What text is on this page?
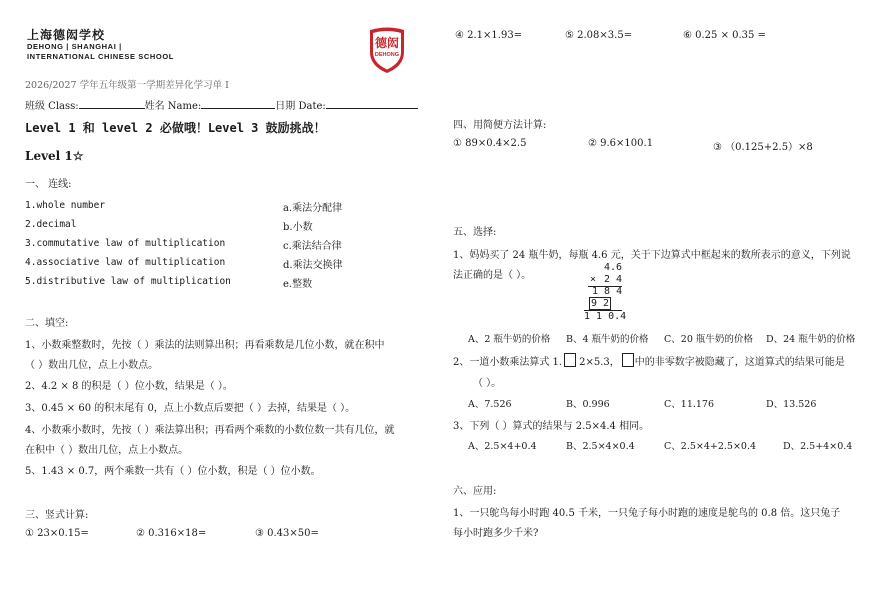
上海德闳学校
DEHONG | SHANGHAI |
INTERNATIONAL CHINESE SCHOOL
德闳
DEHONG
2026/2027 学年五年级第一学期差异化学习单 I
班级 Class:	姓名 Name:	日期 Date:
Level 1 和 level 2 必做哦！Level 3 鼓励挑战！
Level 1☆
一、 连线:
1.whole number
2.decimal
3.commutative law of multiplication
4.associative law of multiplication
5.distributive law of multiplication
a.乘法分配律
b.小数
c.乘法结合律
d.乘法交换律
e.整数
二、填空:
1、小数乘整数时，先按（ ）乘法的法则算出积；再看乘数是几位小数，就在积中
（ ）数出几位，点上小数点。
2、4.2 × 8 的积是（ ）位小数，结果是（ ）。
3、0.45 × 60 的积末尾有 0，点上小数点后要把（ ）去掉，结果是（ ）。
4、小数乘小数时，先按（ ）乘法算出积；再看两个乘数的小数位数一共有几位，就
在积中（ ）数出几位，点上小数点。
5、1.43 × 0.7，两个乘数一共有（ ）位小数，积是（ ）位小数。
三、竖式计算:
① 23×0.15=	② 0.316×18=	③ 0.43×50=
④ 2.1×1.93=	⑤ 2.08×3.5=	⑥ 0.25 × 0.35 =
四、用简便方法计算:
① 89×0.4×2.5	② 9.6×100.1	③ （0.125+2.5）×8
五、选择:
1、妈妈买了 24 瓶牛奶，每瓶 4.6 元，关于下边算式中框起来的数所表示的意义，下列说
法正确的是（ ）。
4.6
× 2 4
1 8 4
9 2
1 1 0.4
A、2 瓶牛奶的价格 B、4 瓶牛奶的价格 C、20 瓶牛奶的价格 D、24 瓶牛奶的价格
2、一道小数乘法算式 1. 2×5.3， 中的非零数字被隐藏了，这道算式的结果可能是
（ ）。
A、7.526	B、0.996	C、11.176	D、13.526
3、下列（ ）算式的结果与 2.5×4.4 相同。
A、2.5×4+0.4	B、2.5×4×0.4	C、2.5×4+2.5×0.4	D、2.5+4×0.4
六、应用:
1、一只鸵鸟每小时跑 40.5 千米，一只兔子每小时跑的速度是鸵鸟的 0.8 倍。这只兔子
每小时跑多少千米?
